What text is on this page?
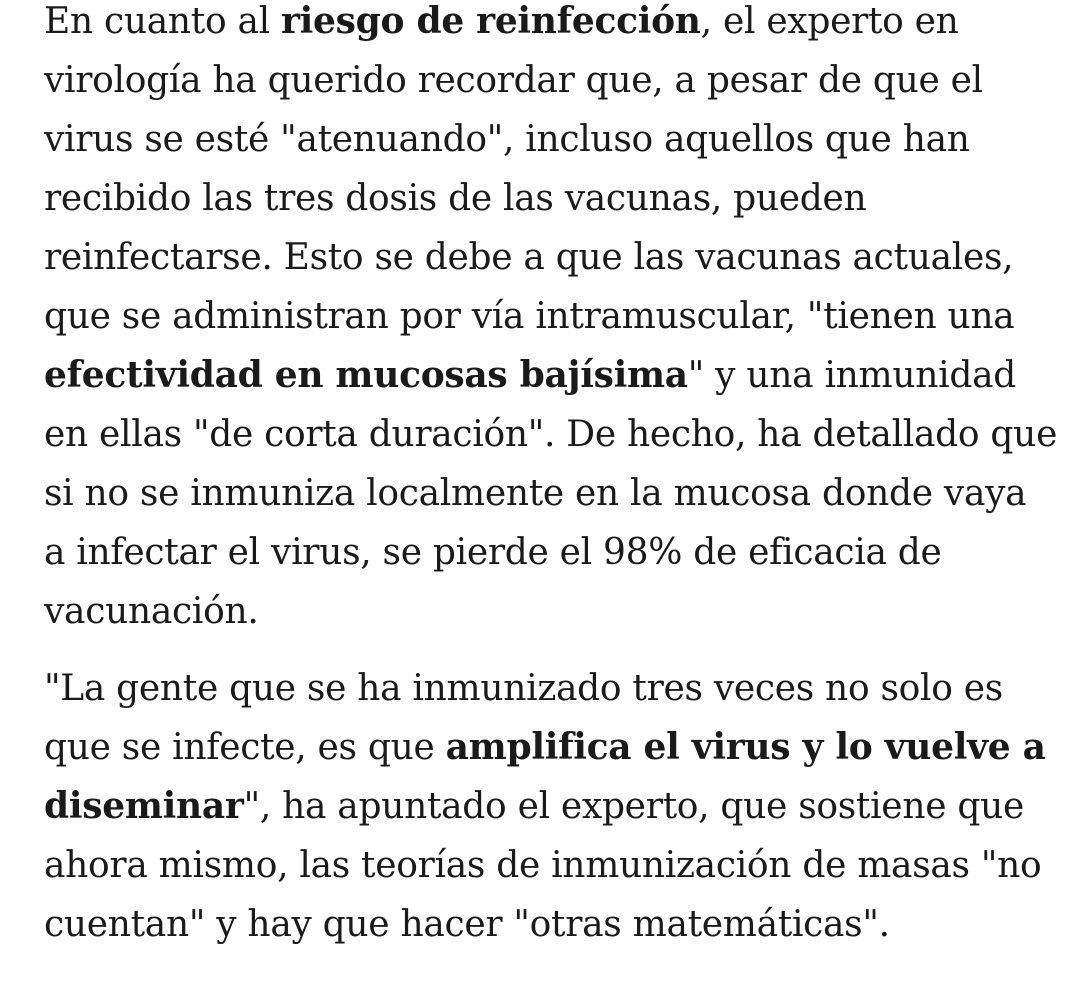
En cuanto al riesgo de reinfección, el experto en
virología ha querido recordar que, a pesar de que el
virus se esté "atenuando", incluso aquellos que han
recibido las tres dosis de las vacunas, pueden
reinfectarse. Esto se debe a que las vacunas actuales,
que se administran por vía intramuscular, "tienen una
efectividad en mucosas bajísima" y una inmunidad
en ellas "de corta duración". De hecho, ha detallado que
si no se inmuniza localmente en la mucosa donde vaya
a infectar el virus, se pierde el 98% de eficacia de
vacunación.

"La gente que se ha inmunizado tres veces no solo es
que se infecte, es que amplifica el virus y lo vuelve a
diseminar", ha apuntado el experto, que sostiene que
ahora mismo, las teorías de inmunización de masas "no
cuentan" y hay que hacer "otras matemáticas".
